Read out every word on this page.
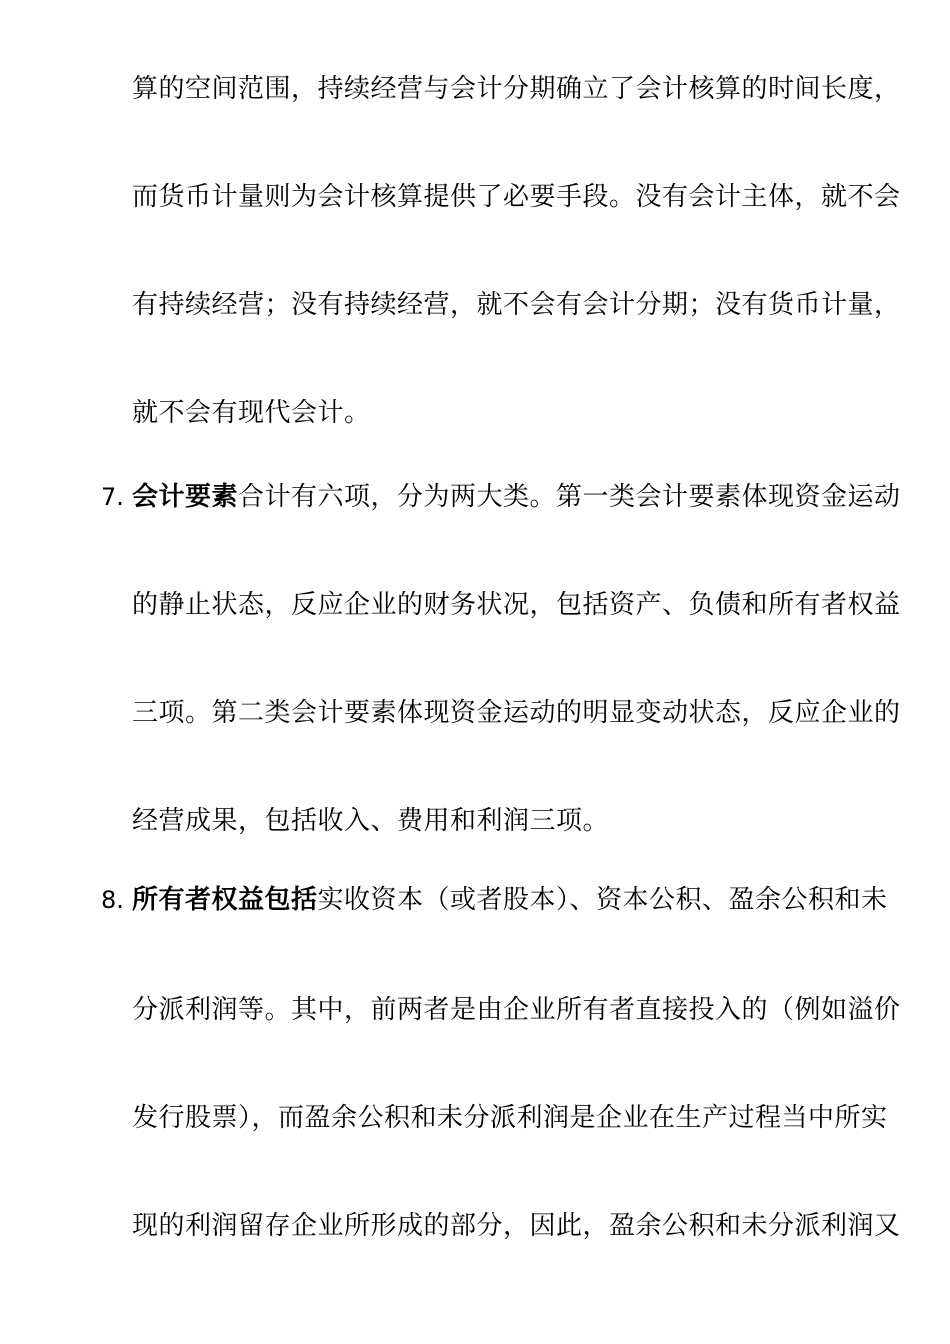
算的空间范围，持续经营与会计分期确立了会计核算的时间长度，
而货币计量则为会计核算提供了必要手段。没有会计主体，就不会
有持续经营；没有持续经营，就不会有会计分期；没有货币计量，
就不会有现代会计。
7. 会计要素合计有六项，分为两大类。第一类会计要素体现资金运动
的静止状态，反应企业的财务状况，包括资产、负债和所有者权益
三项。第二类会计要素体现资金运动的明显变动状态，反应企业的
经营成果，包括收入、费用和利润三项。
8. 所有者权益包括实收资本（或者股本）、资本公积、盈余公积和未
分派利润等。其中，前两者是由企业所有者直接投入的（例如溢价
发行股票），而盈余公积和未分派利润是企业在生产过程当中所实
现的利润留存企业所形成的部分，因此，盈余公积和未分派利润又
